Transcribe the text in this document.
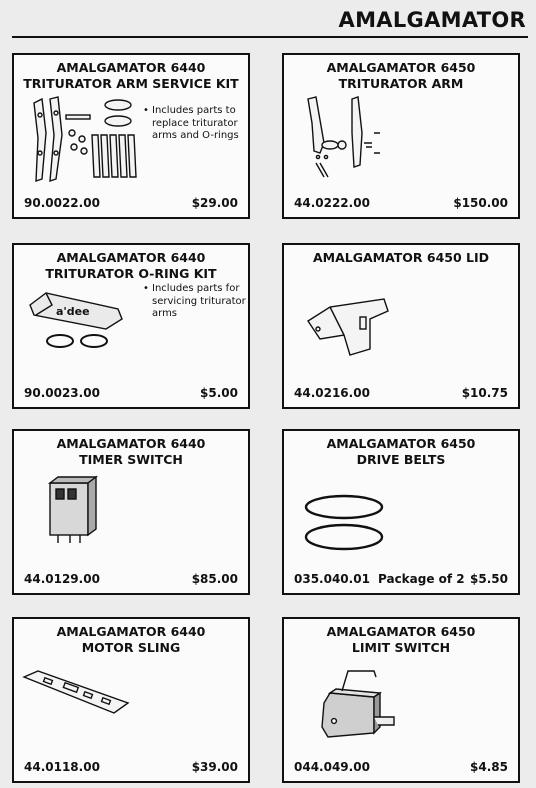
AMALGAMATOR
AMALGAMATOR 6440
TRITURATOR ARM SERVICE KIT
• Includes parts to replace triturator arms and O-rings
90.0022.00	$29.00
AMALGAMATOR 6450
TRITURATOR ARM
44.0222.00	$150.00
AMALGAMATOR 6440
TRITURATOR O-RING KIT
• Includes parts for servicing triturator arms
a'dee
90.0023.00	$5.00
AMALGAMATOR 6450 LID
44.0216.00	$10.75
AMALGAMATOR 6440
TIMER SWITCH
44.0129.00	$85.00
AMALGAMATOR 6450
DRIVE BELTS
035.040.01 Package of 2 $5.50
AMALGAMATOR 6440
MOTOR SLING
44.0118.00	$39.00
AMALGAMATOR 6450
LIMIT SWITCH
044.049.00	$4.85
